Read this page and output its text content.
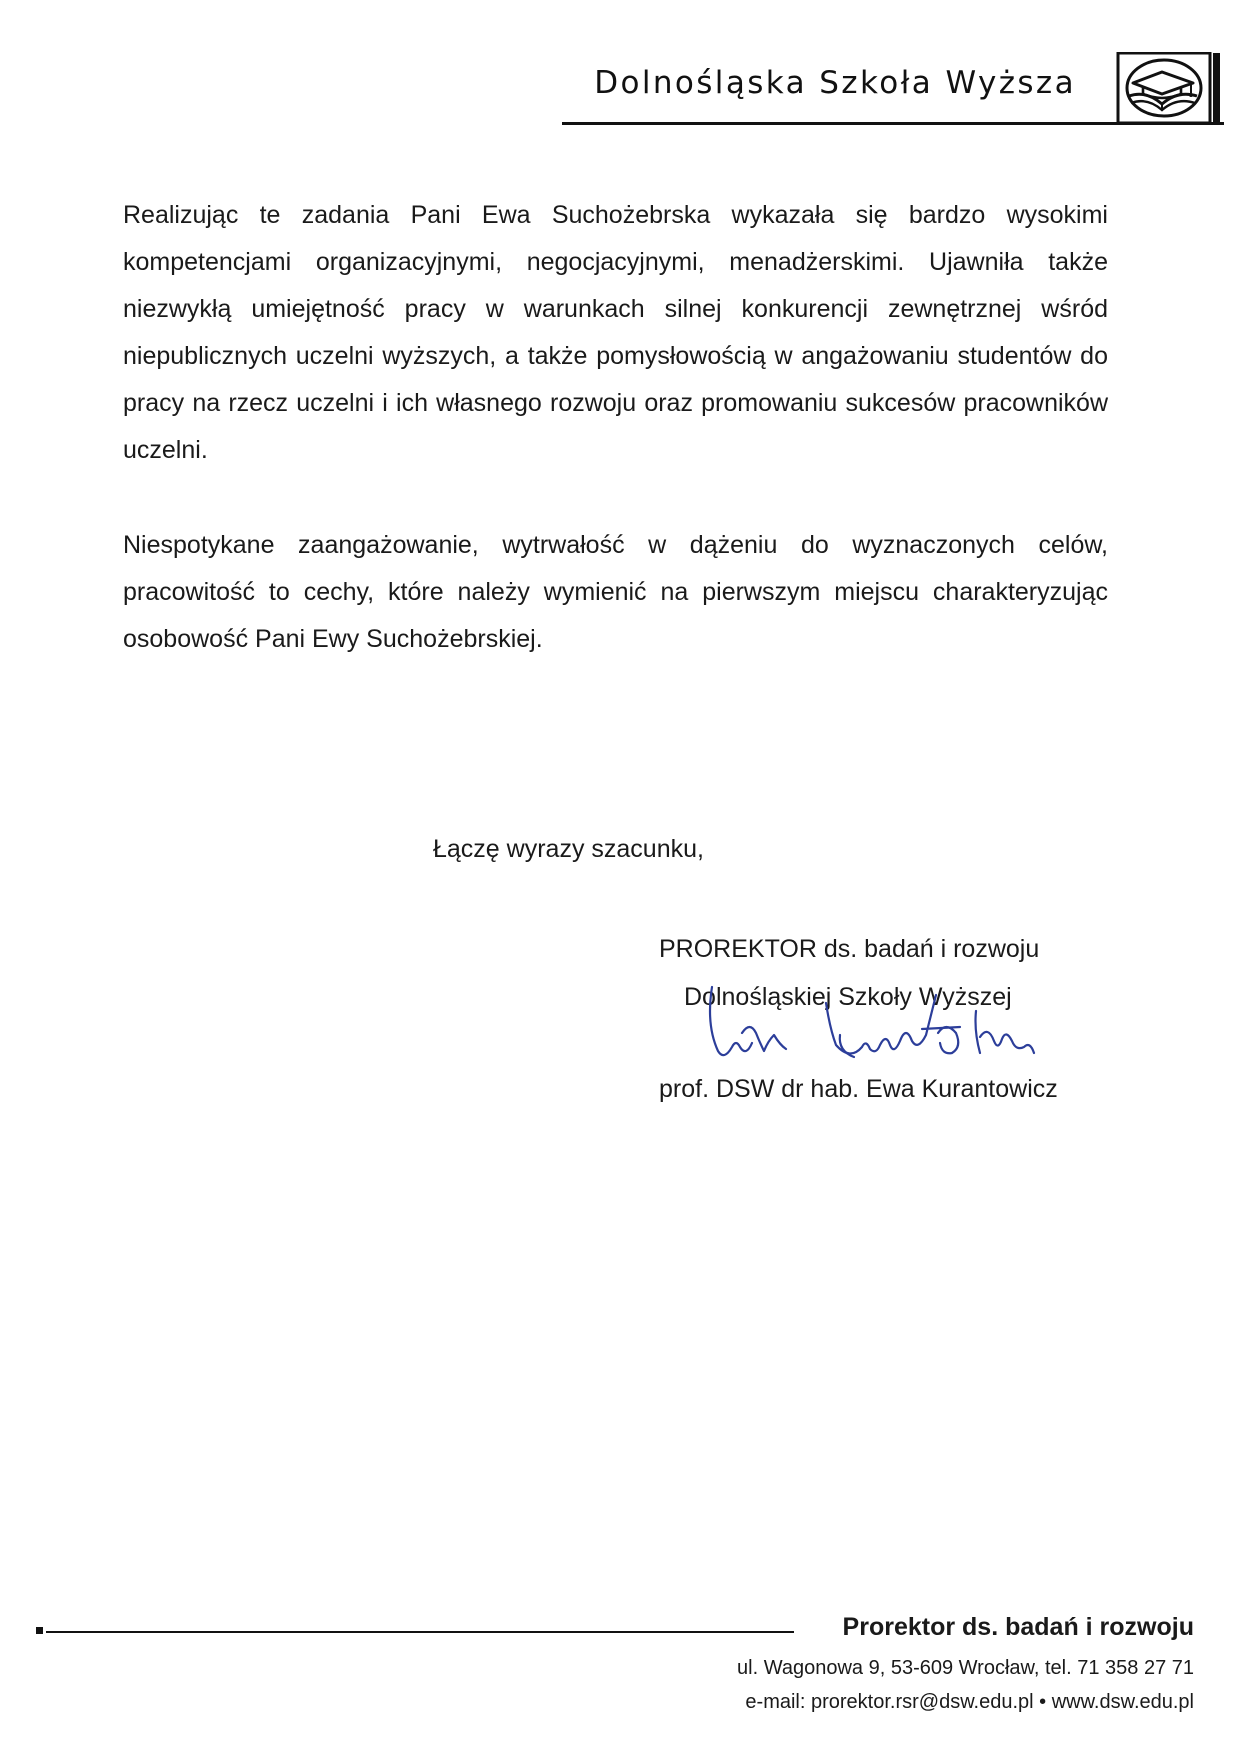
Dolnośląska Szkoła Wyższa

Realizując te zadania Pani Ewa Suchożebrska wykazała się bardzo wysokimi kompetencjami organizacyjnymi, negocjacyjnymi, menadżerskimi. Ujawniła także niezwykłą umiejętność pracy w warunkach silnej konkurencji zewnętrznej wśród niepublicznych uczelni wyższych, a także pomysłowością w angażowaniu studentów do pracy na rzecz uczelni i ich własnego rozwoju oraz promowaniu sukcesów pracowników uczelni.

Niespotykane zaangażowanie, wytrwałość w dążeniu do wyznaczonych celów, pracowitość to cechy, które należy wymienić na pierwszym miejscu charakteryzując osobowość Pani Ewy Suchożebrskiej.

Łączę wyrazy szacunku,
PROREKTOR ds. badań i rozwoju
Dolnośląskiej Szkoły Wyższej
prof. DSW dr hab. Ewa Kurantowicz
Prorektor ds. badań i rozwoju
ul. Wagonowa 9, 53-609 Wrocław, tel. 71 358 27 71
e-mail: prorektor.rsr@dsw.edu.pl • www.dsw.edu.pl
